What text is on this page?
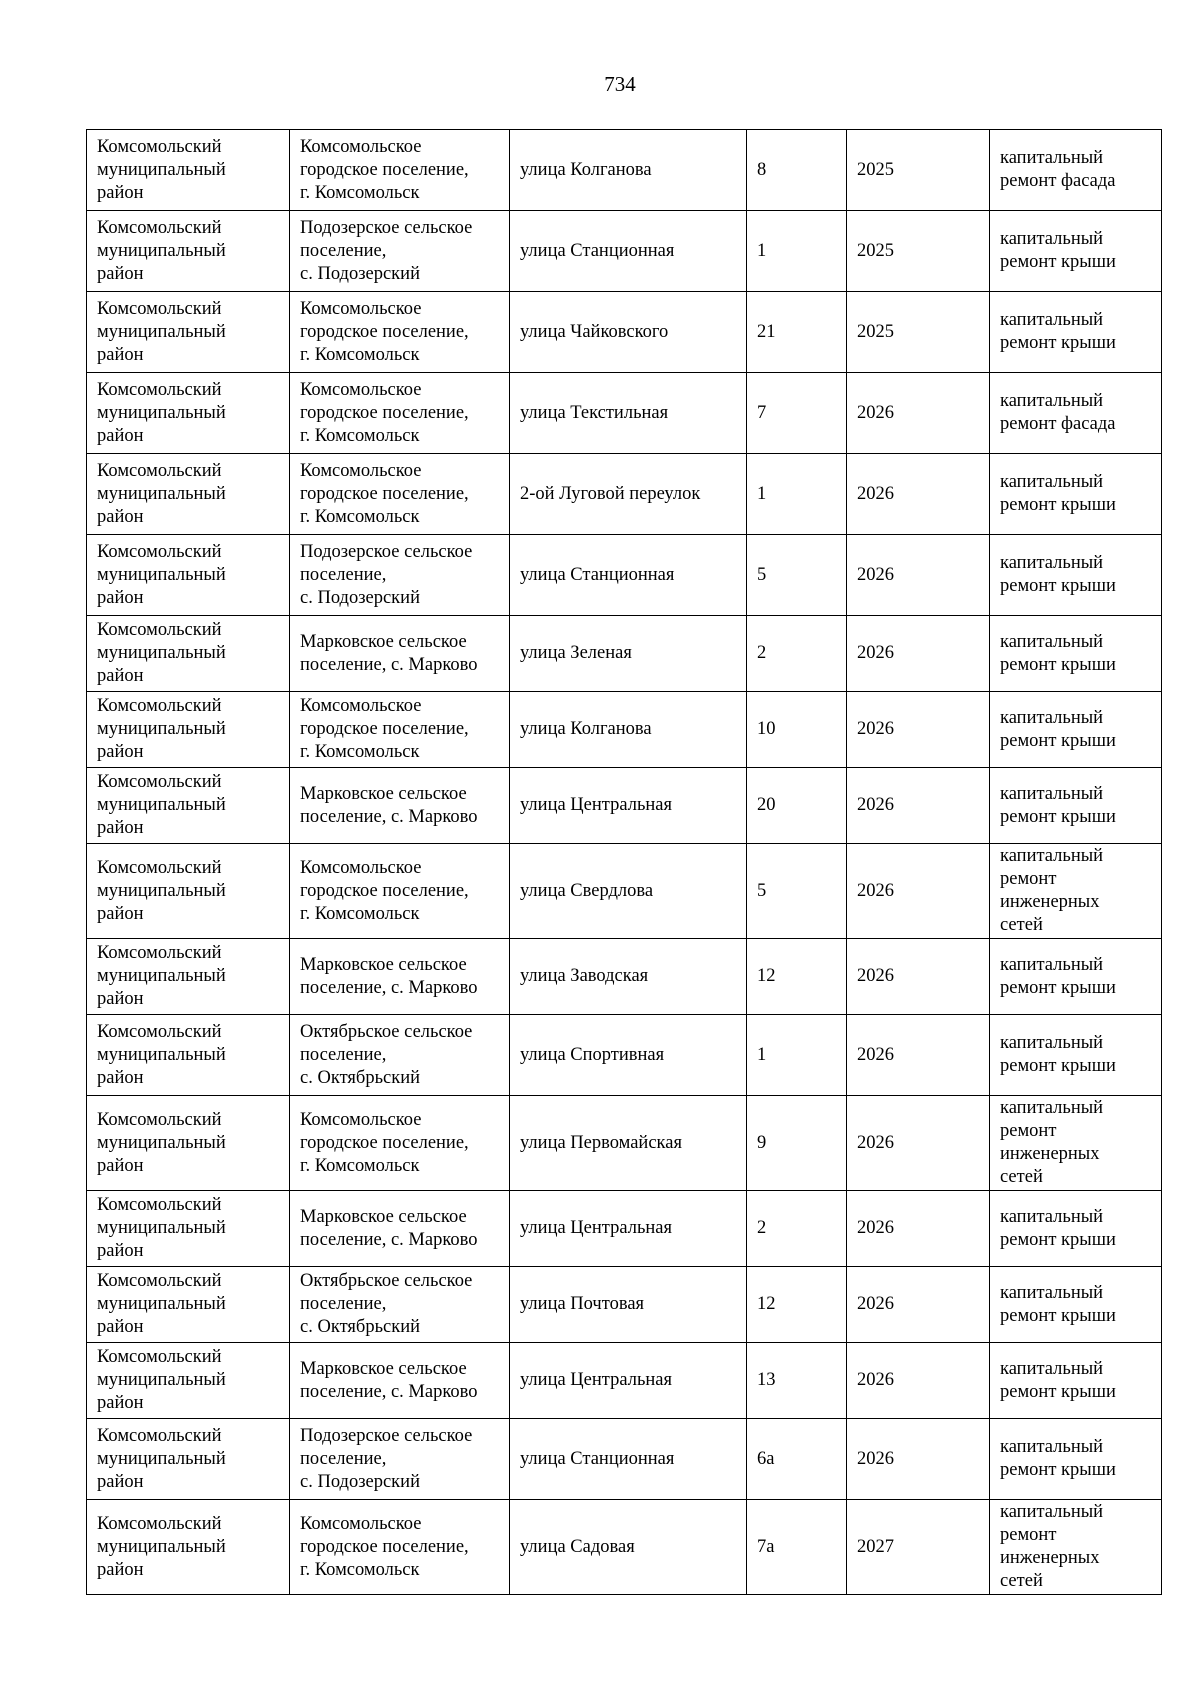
734
Комсомольский
муниципальный
район	Комсомольское
городское поселение,
г. Комсомольск	улица Колганова	8	2025	капитальный
ремонт фасада
Комсомольский
муниципальный
район	Подозерское сельское
поселение,
с. Подозерский	улица Станционная	1	2025	капитальный
ремонт крыши
Комсомольский
муниципальный
район	Комсомольское
городское поселение,
г. Комсомольск	улица Чайковского	21	2025	капитальный
ремонт крыши
Комсомольский
муниципальный
район	Комсомольское
городское поселение,
г. Комсомольск	улица Текстильная	7	2026	капитальный
ремонт фасада
Комсомольский
муниципальный
район	Комсомольское
городское поселение,
г. Комсомольск	2-ой Луговой переулок	1	2026	капитальный
ремонт крыши
Комсомольский
муниципальный
район	Подозерское сельское
поселение,
с. Подозерский	улица Станционная	5	2026	капитальный
ремонт крыши
Комсомольский
муниципальный
район	Марковское сельское
поселение, с. Марково	улица Зеленая	2	2026	капитальный
ремонт крыши
Комсомольский
муниципальный
район	Комсомольское
городское поселение,
г. Комсомольск	улица Колганова	10	2026	капитальный
ремонт крыши
Комсомольский
муниципальный
район	Марковское сельское
поселение, с. Марково	улица Центральная	20	2026	капитальный
ремонт крыши
Комсомольский
муниципальный
район	Комсомольское
городское поселение,
г. Комсомольск	улица Свердлова	5	2026	капитальный
ремонт
инженерных
сетей
Комсомольский
муниципальный
район	Марковское сельское
поселение, с. Марково	улица Заводская	12	2026	капитальный
ремонт крыши
Комсомольский
муниципальный
район	Октябрьское сельское
поселение,
с. Октябрьский	улица Спортивная	1	2026	капитальный
ремонт крыши
Комсомольский
муниципальный
район	Комсомольское
городское поселение,
г. Комсомольск	улица Первомайская	9	2026	капитальный
ремонт
инженерных
сетей
Комсомольский
муниципальный
район	Марковское сельское
поселение, с. Марково	улица Центральная	2	2026	капитальный
ремонт крыши
Комсомольский
муниципальный
район	Октябрьское сельское
поселение,
с. Октябрьский	улица Почтовая	12	2026	капитальный
ремонт крыши
Комсомольский
муниципальный
район	Марковское сельское
поселение, с. Марково	улица Центральная	13	2026	капитальный
ремонт крыши
Комсомольский
муниципальный
район	Подозерское сельское
поселение,
с. Подозерский	улица Станционная	6а	2026	капитальный
ремонт крыши
Комсомольский
муниципальный
район	Комсомольское
городское поселение,
г. Комсомольск	улица Садовая	7а	2027	капитальный
ремонт
инженерных
сетей
